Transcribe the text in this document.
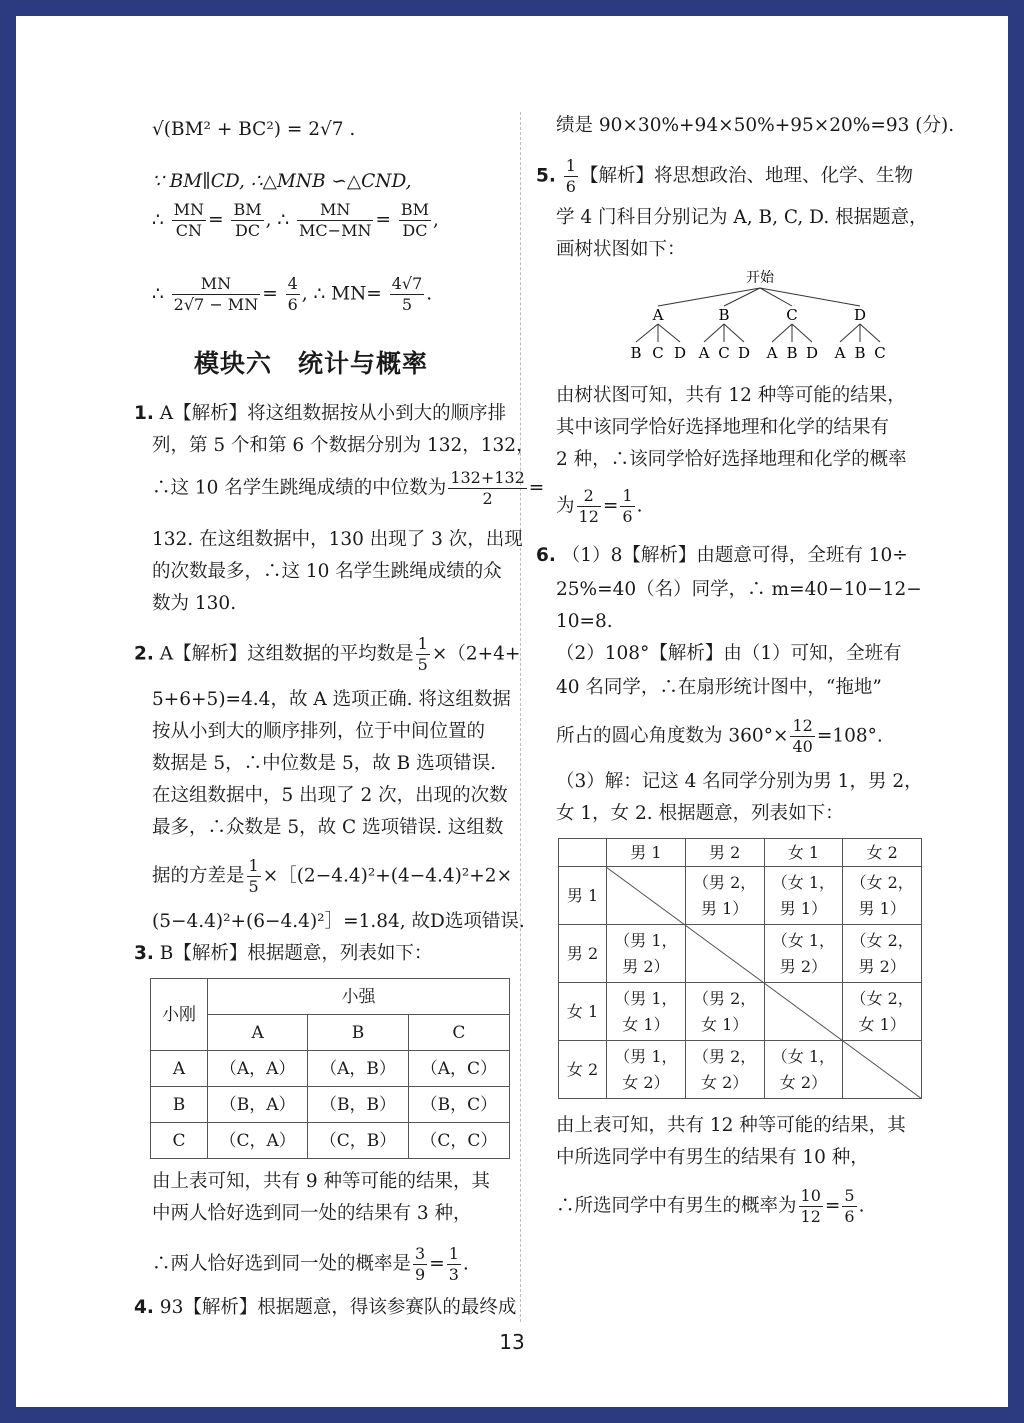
√(BM² + BC²) = 2√7 .
∵ BM∥CD, ∴△MNB ∽△CND,
∴ $\frac{MN}{CN} = \frac{BM}{DC}$ , ∴ $\frac{MN}{MC-MN} = \frac{BM}{DC}$ ,
∴ $\frac{MN}{2√7 - MN} = \frac{4}{6}$ , ∴ $MN= \frac{4√7}{5}$ .
模块六　统计与概率
1. A【解析】将这组数据按从小到大的顺序排
列，第 5 个和第 6 个数据分别为 132，132，
∴这 10 名学生跳绳成绩的中位数为 $\frac{132+132}{2}$ =
132. 在这组数据中，130 出现了 3 次，出现
的次数最多，∴这 10 名学生跳绳成绩的众
数为 130.
2. A【解析】这组数据的平均数是 $\frac{1}{5} \times(2+4+$
5+6+5)=4.4，故 A 选项正确. 将这组数据
按从小到大的顺序排列，位于中间位置的
数据是 5，∴中位数是 5，故 B 选项错误.
在这组数据中，5 出现了 2 次，出现的次数
最多，∴众数是 5，故 C 选项错误. 这组数
据的方差是 $\frac{1}{5}$ ×［(2−4.4)²+(4−4.4)²+2×
(5−4.4)²+(6−4.4)²］=1.84, 故D选项错误.
3. B【解析】根据题意，列表如下：
小刚	小强		
	A	B	C
A	（A，A）	（A，B）	（A，C）
B	（B，A）	（B，B）	（B，C）
C	（C，A）	（C，B）	（C，C）
由上表可知，共有 9 种等可能的结果，其
中两人恰好选到同一处的结果有 3 种，
∴两人恰好选到同一处的概率是 $\frac{3}{9} = \frac{1}{3}$ .
4. 93【解析】根据题意，得该参赛队的最终成
绩是 90×30%+94×50%+95×20%=93 (分).
5. $\frac{1}{6}$ 【解析】将思想政治、地理、化学、生物
学 4 门科目分别记为 A, B, C, D. 根据题意，
画树状图如下：
开始
A	B	C	D
B C D A C D A B D A B C
由树状图可知，共有 12 种等可能的结果，
其中该同学恰好选择地理和化学的结果有
2 种，∴该同学恰好选择地理和化学的概率
为 $\frac{2}{12} = \frac{1}{6}$ .
6. （1）8【解析】由题意可得，全班有 10÷
25%=40（名）同学，∴ m=40−10−12−
10=8.
（2）108°【解析】由（1）可知，全班有
40 名同学，∴在扇形统计图中，“拖地”
所占的圆心角度数为 $360^\circ\times \frac{12}{40} =108^\circ$.
（3）解：记这 4 名同学分别为男 1，男 2，
女 1，女 2. 根据题意，列表如下：
	男 1	男 2	女 1	女 2
男 1		（男 2，男 1）	（女 1，男 1）	（女 2，男 1）
男 2	（男 1，男 2）		（女 1，男 2）	（女 2，男 2）
女 1	（男 1，女 1）	（男 2，女 1）		（女 2，女 1）
女 2	（男 1，女 2）	（男 2，女 2）	（女 1，女 2）	
由上表可知，共有 12 种等可能的结果，其
中所选同学中有男生的结果有 10 种，
∴所选同学中有男生的概率为 $\frac{10}{12} = \frac{5}{6}$ .
13
